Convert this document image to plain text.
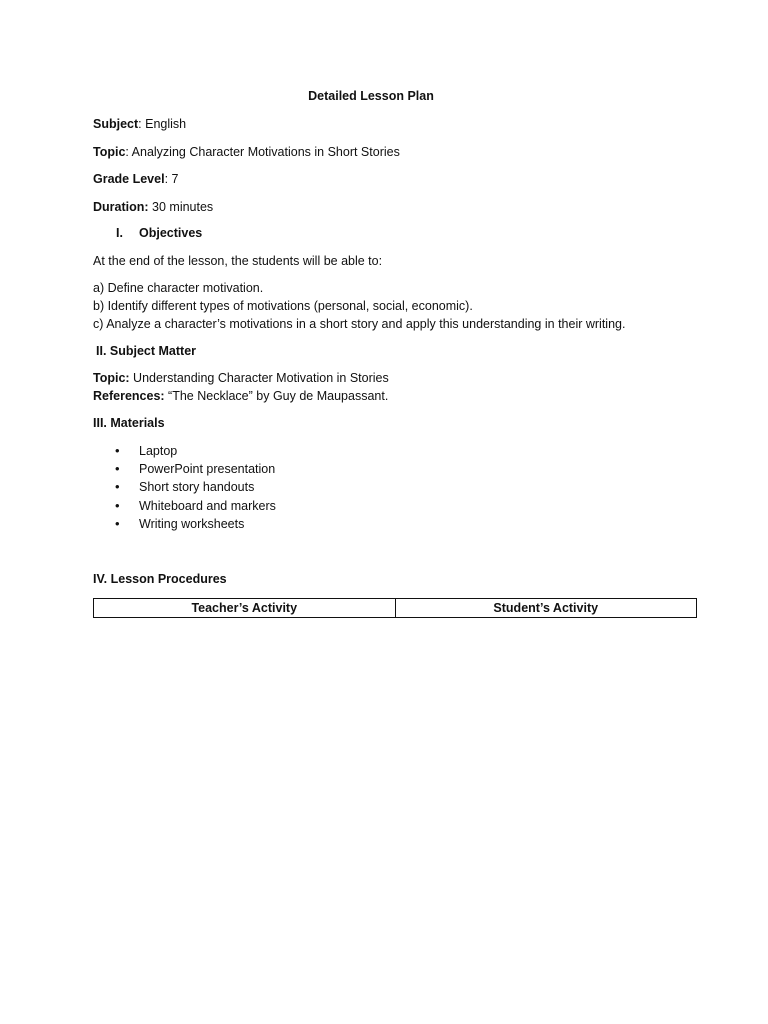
Detailed Lesson Plan
Subject: English
Topic: Analyzing Character Motivations in Short Stories
Grade Level: 7
Duration: 30 minutes
I. Objectives
At the end of the lesson, the students will be able to:
a) Define character motivation.
b) Identify different types of motivations (personal, social, economic).
c) Analyze a character’s motivations in a short story and apply this understanding in their writing.
II. Subject Matter
Topic: Understanding Character Motivation in Stories
References: “The Necklace” by Guy de Maupassant.
III. Materials
• Laptop
• PowerPoint presentation
• Short story handouts
• Whiteboard and markers
• Writing worksheets
IV. Lesson Procedures
Teacher’s Activity	Student’s Activity
